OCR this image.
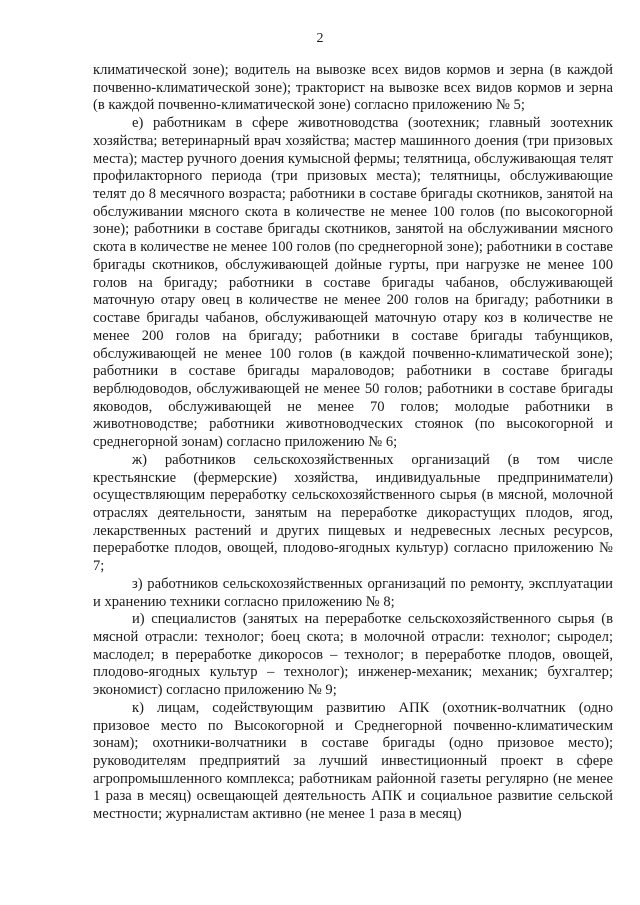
2

климатической зоне); водитель на вывозке всех видов кормов и зерна (в каждой почвенно-климатической зоне); тракторист на вывозке всех видов кормов и зерна (в каждой почвенно-климатической зоне) согласно приложению № 5;

е) работникам в сфере животноводства (зоотехник; главный зоотехник хозяйства; ветеринарный врач хозяйства; мастер машинного доения (три призовых места); мастер ручного доения кумысной фермы; телятница, обслуживающая телят профилакторного периода (три призовых места); телятницы, обслуживающие телят до 8 месячного возраста; работники в составе бригады скотников, занятой на обслуживании мясного скота в количестве не менее 100 голов (по высокогорной зоне); работники в составе бригады скотников, занятой на обслуживании мясного скота в количестве не менее 100 голов (по среднегорной зоне); работники в составе бригады скотников, обслуживающей дойные гурты, при нагрузке не менее 100 голов на бригаду; работники в составе бригады чабанов, обслуживающей маточную отару овец в количестве не менее 200 голов на бригаду; работники в составе бригады чабанов, обслуживающей маточную отару коз в количестве не менее 200 голов на бригаду; работники в составе бригады табунщиков, обслуживающей не менее 100 голов (в каждой почвенно-климатической зоне); работники в составе бригады мараловодов; работники в составе бригады верблюдоводов, обслуживающей не менее 50 голов; работники в составе бригады яководов, обслуживающей не менее 70 голов; молодые работники в животноводстве; работники животноводческих стоянок (по высокогорной и среднегорной зонам) согласно приложению № 6;

ж) работников сельскохозяйственных организаций (в том числе крестьянские (фермерские) хозяйства, индивидуальные предприниматели) осуществляющим переработку сельскохозяйственного сырья (в мясной, молочной отраслях деятельности, занятым на переработке дикорастущих плодов, ягод, лекарственных растений и других пищевых и недревесных лесных ресурсов, переработке плодов, овощей, плодово-ягодных культур) согласно приложению № 7;

з) работников сельскохозяйственных организаций по ремонту, эксплуатации и хранению техники согласно приложению № 8;

и) специалистов (занятых на переработке сельскохозяйственного сырья (в мясной отрасли: технолог; боец скота; в молочной отрасли: технолог; сыродел; маслодел; в переработке дикоросов – технолог; в переработке плодов, овощей, плодово-ягодных культур – технолог); инженер-механик; механик; бухгалтер; экономист) согласно приложению № 9;

к) лицам, содействующим развитию АПК (охотник-волчатник (одно призовое место по Высокогорной и Среднегорной почвенно-климатическим зонам); охотники-волчатники в составе бригады (одно призовое место); руководителям предприятий за лучший инвестиционный проект в сфере агропромышленного комплекса; работникам районной газеты регулярно (не менее 1 раза в месяц) освещающей деятельность АПК и социальное развитие сельской местности; журналистам активно (не менее 1 раза в месяц)
